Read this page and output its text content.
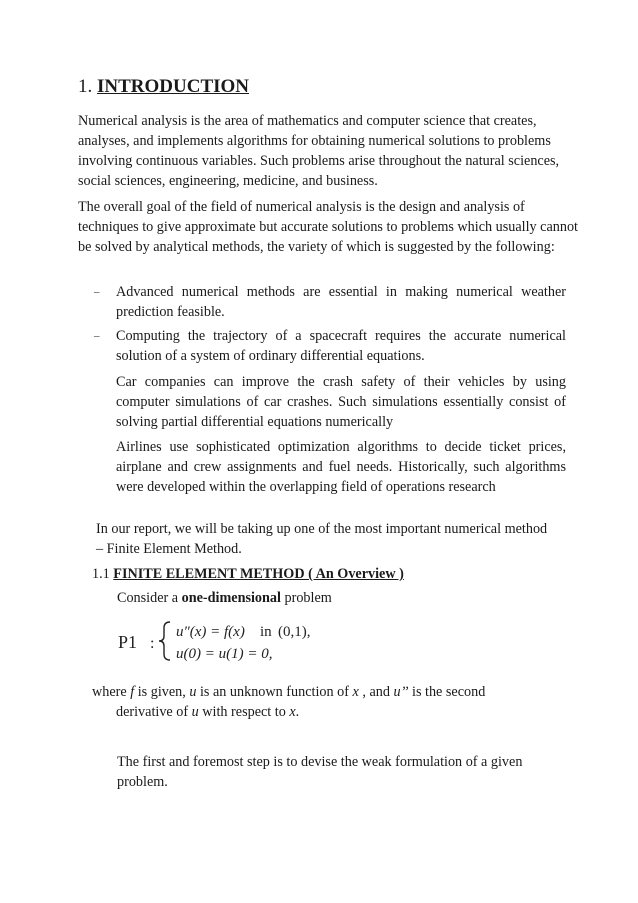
1. INTRODUCTION
Numerical analysis is the area of mathematics and computer science that creates, analyses, and implements algorithms for obtaining numerical solutions to problems involving continuous variables. Such problems arise throughout the natural sciences, social sciences, engineering, medicine, and business.
The overall goal of the field of numerical analysis is the design and analysis of techniques to give approximate but accurate solutions to problems which usually cannot be solved by analytical methods, the variety of which is suggested by the following:
– Advanced numerical methods are essential in making numerical weather prediction feasible.
– Computing the trajectory of a spacecraft requires the accurate numerical solution of a system of ordinary differential equations.
Car companies can improve the crash safety of their vehicles by using computer simulations of car crashes. Such simulations essentially consist of solving partial differential equations numerically
Airlines use sophisticated optimization algorithms to decide ticket prices, airplane and crew assignments and fuel needs. Historically, such algorithms were developed within the overlapping field of operations research
In our report, we will be taking up one of the most important numerical method – Finite Element Method.
1.1 FINITE ELEMENT METHOD ( An Overview )
Consider a one-dimensional problem
P1 :
u″(x) = f(x) in (0,1),
u(0) = u(1) = 0,
where f is given, u is an unknown function of x , and u’’ is the second
derivative of u with respect to x.
The first and foremost step is to devise the weak formulation of a given problem.
